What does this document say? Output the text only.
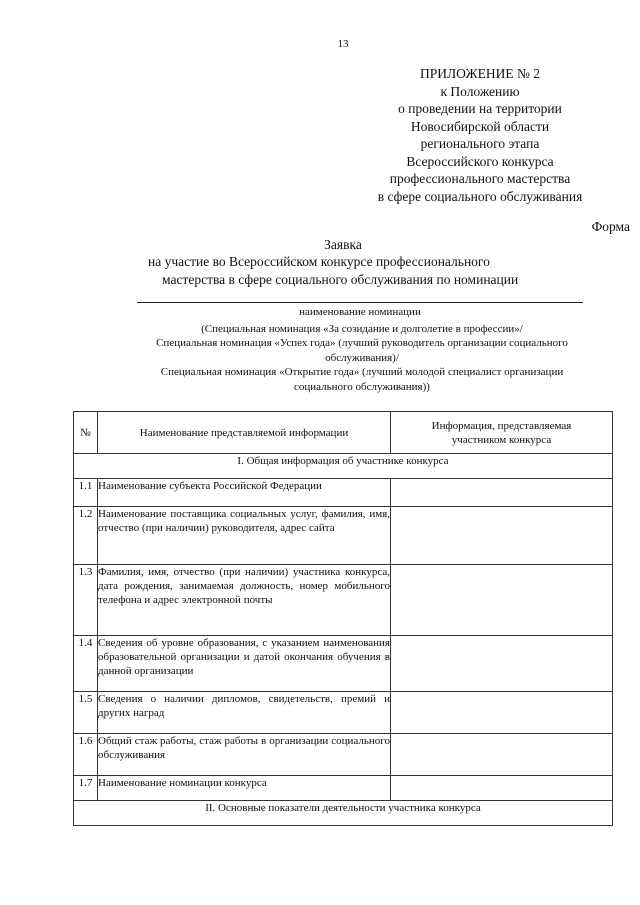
13
ПРИЛОЖЕНИЕ № 2
к Положению
о проведении на территории
Новосибирской области
регионального этапа
Всероссийского конкурса
профессионального мастерства
в сфере социального обслуживания
Форма
Заявка
на участие во Всероссийском конкурсе профессионального
мастерства в сфере социального обслуживания по номинации
наименование номинации
(Специальная номинация «За созидание и долголетие в профессии»/
Специальная номинация «Успех года» (лучший руководитель организации социального
обслуживания)/
Специальная номинация «Открытие года» (лучший молодой специалист организации
социального обслуживания))
№	Наименование представляемой информации	Информация, представляемая
участником конкурса

I. Общая информация об участнике конкурса		
1.1	Наименование субъекта Российской Федерации	
1.2	Наименование поставщика социальных услуг, фамилия, имя, отчество (при наличии) руководителя, адрес сайта	
1.3	Фамилия, имя, отчество (при наличии) участника конкурса, дата рождения, занимаемая должность, номер мобильного телефона и адрес электронной почты	
1.4	Сведения об уровне образования, с указанием наименования образовательной организации и датой окончания обучения в данной организации	
1.5	Сведения о наличии дипломов, свидетельств, премий и других наград	
1.6	Общий стаж работы, стаж работы в организации социального обслуживания	
1.7	Наименование номинации конкурса	
II. Основные показатели деятельности участника конкурса		
